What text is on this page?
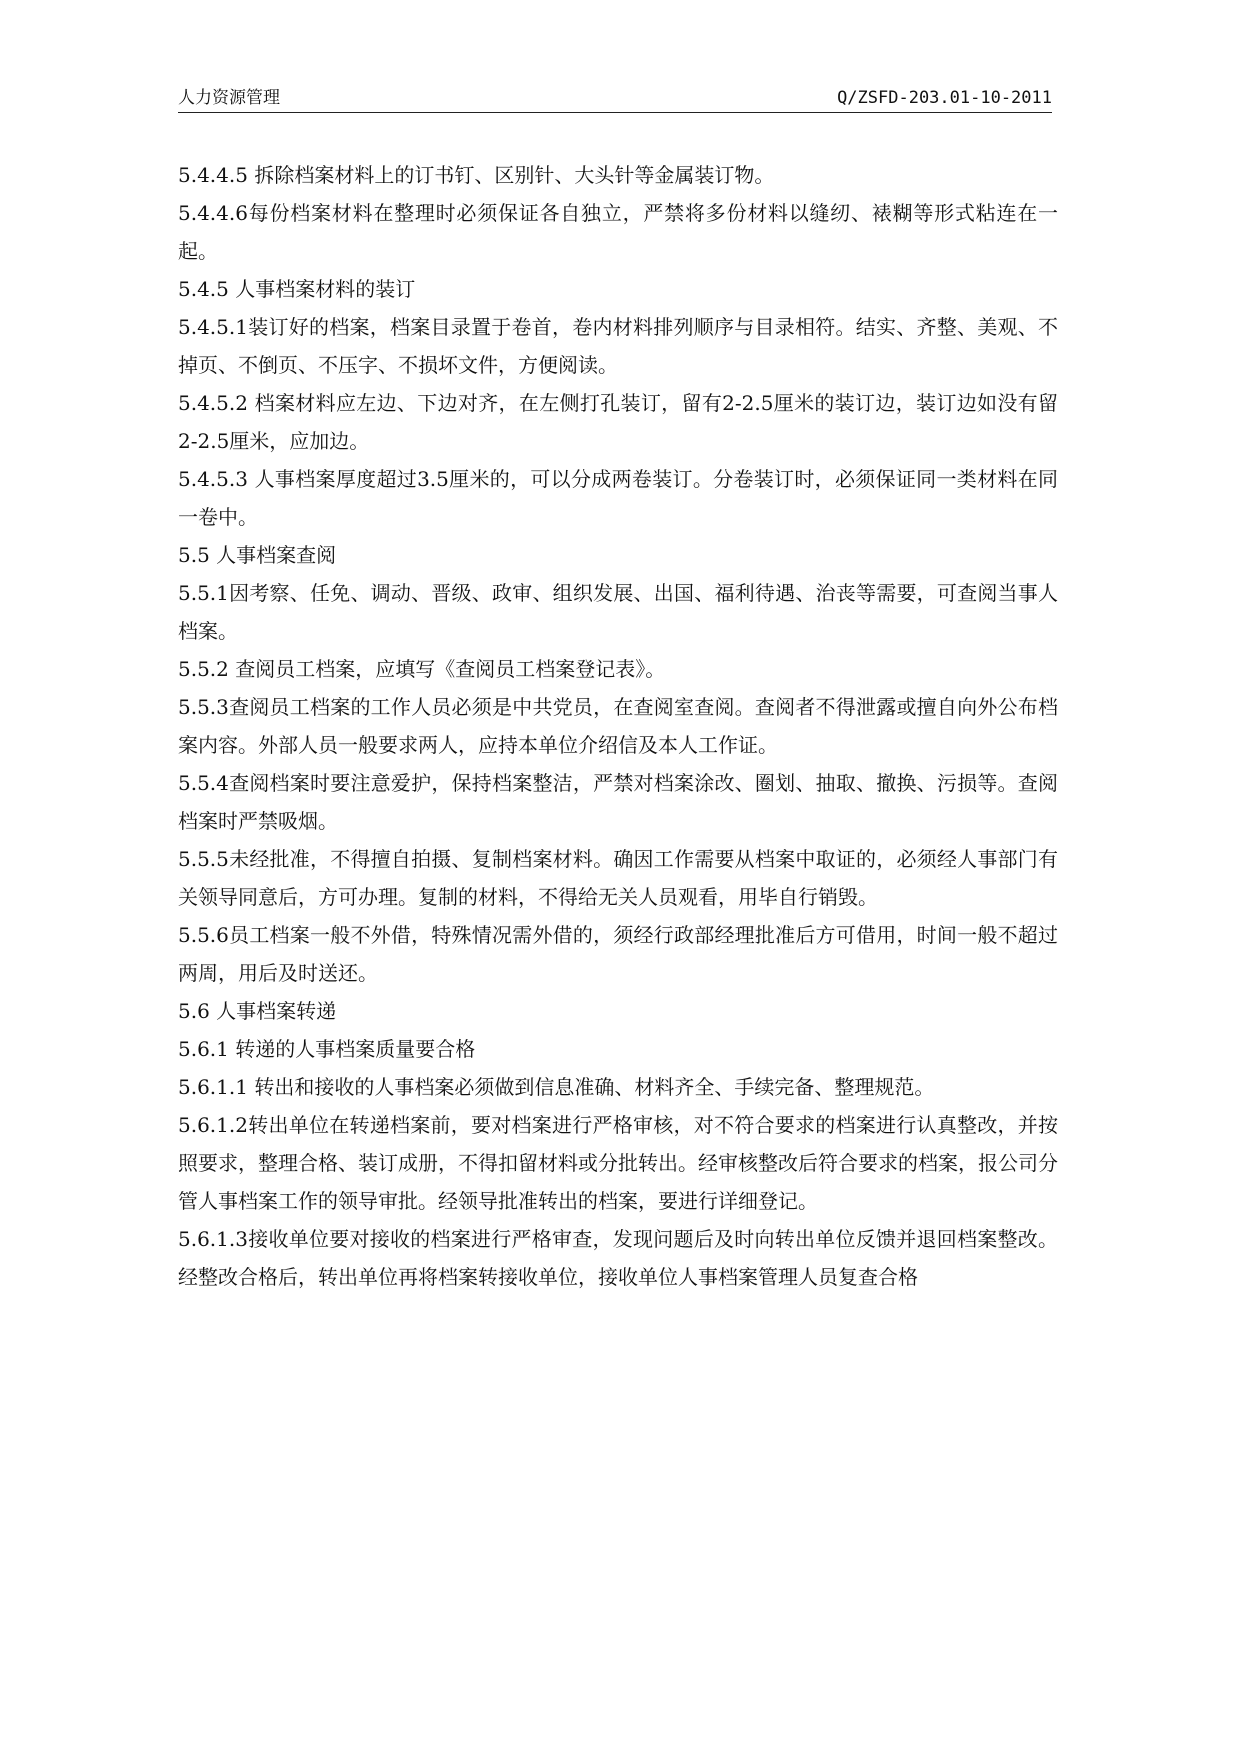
人力资源管理	Q/ZSFD-203.01-10-2011

5.4.4.5 拆除档案材料上的订书钉、区别针、大头针等金属装订物。

5.4.4.6每份档案材料在整理时必须保证各自独立，严禁将多份材料以缝纫、裱糊等形式粘连在一起。

5.4.5 人事档案材料的装订

5.4.5.1装订好的档案，档案目录置于卷首，卷内材料排列顺序与目录相符。结实、齐整、美观、不掉页、不倒页、不压字、不损坏文件，方便阅读。

5.4.5.2 档案材料应左边、下边对齐，在左侧打孔装订，留有2-2.5厘米的装订边，装订边如没有留2-2.5厘米，应加边。

5.4.5.3 人事档案厚度超过3.5厘米的，可以分成两卷装订。分卷装订时，必须保证同一类材料在同一卷中。

5.5 人事档案查阅

5.5.1因考察、任免、调动、晋级、政审、组织发展、出国、福利待遇、治丧等需要，可查阅当事人档案。

5.5.2 查阅员工档案，应填写《查阅员工档案登记表》。

5.5.3查阅员工档案的工作人员必须是中共党员，在查阅室查阅。查阅者不得泄露或擅自向外公布档案内容。外部人员一般要求两人，应持本单位介绍信及本人工作证。

5.5.4查阅档案时要注意爱护，保持档案整洁，严禁对档案涂改、圈划、抽取、撤换、污损等。查阅档案时严禁吸烟。

5.5.5未经批准，不得擅自拍摄、复制档案材料。确因工作需要从档案中取证的，必须经人事部门有关领导同意后，方可办理。复制的材料，不得给无关人员观看，用毕自行销毁。

5.5.6员工档案一般不外借，特殊情况需外借的，须经行政部经理批准后方可借用，时间一般不超过两周，用后及时送还。

5.6 人事档案转递

5.6.1 转递的人事档案质量要合格

5.6.1.1 转出和接收的人事档案必须做到信息准确、材料齐全、手续完备、整理规范。

5.6.1.2转出单位在转递档案前，要对档案进行严格审核，对不符合要求的档案进行认真整改，并按照要求，整理合格、装订成册，不得扣留材料或分批转出。经审核整改后符合要求的档案，报公司分管人事档案工作的领导审批。经领导批准转出的档案，要进行详细登记。

5.6.1.3接收单位要对接收的档案进行严格审查，发现问题后及时向转出单位反馈并退回档案整改。经整改合格后，转出单位再将档案转接收单位，接收单位人事档案管理人员复查合格
